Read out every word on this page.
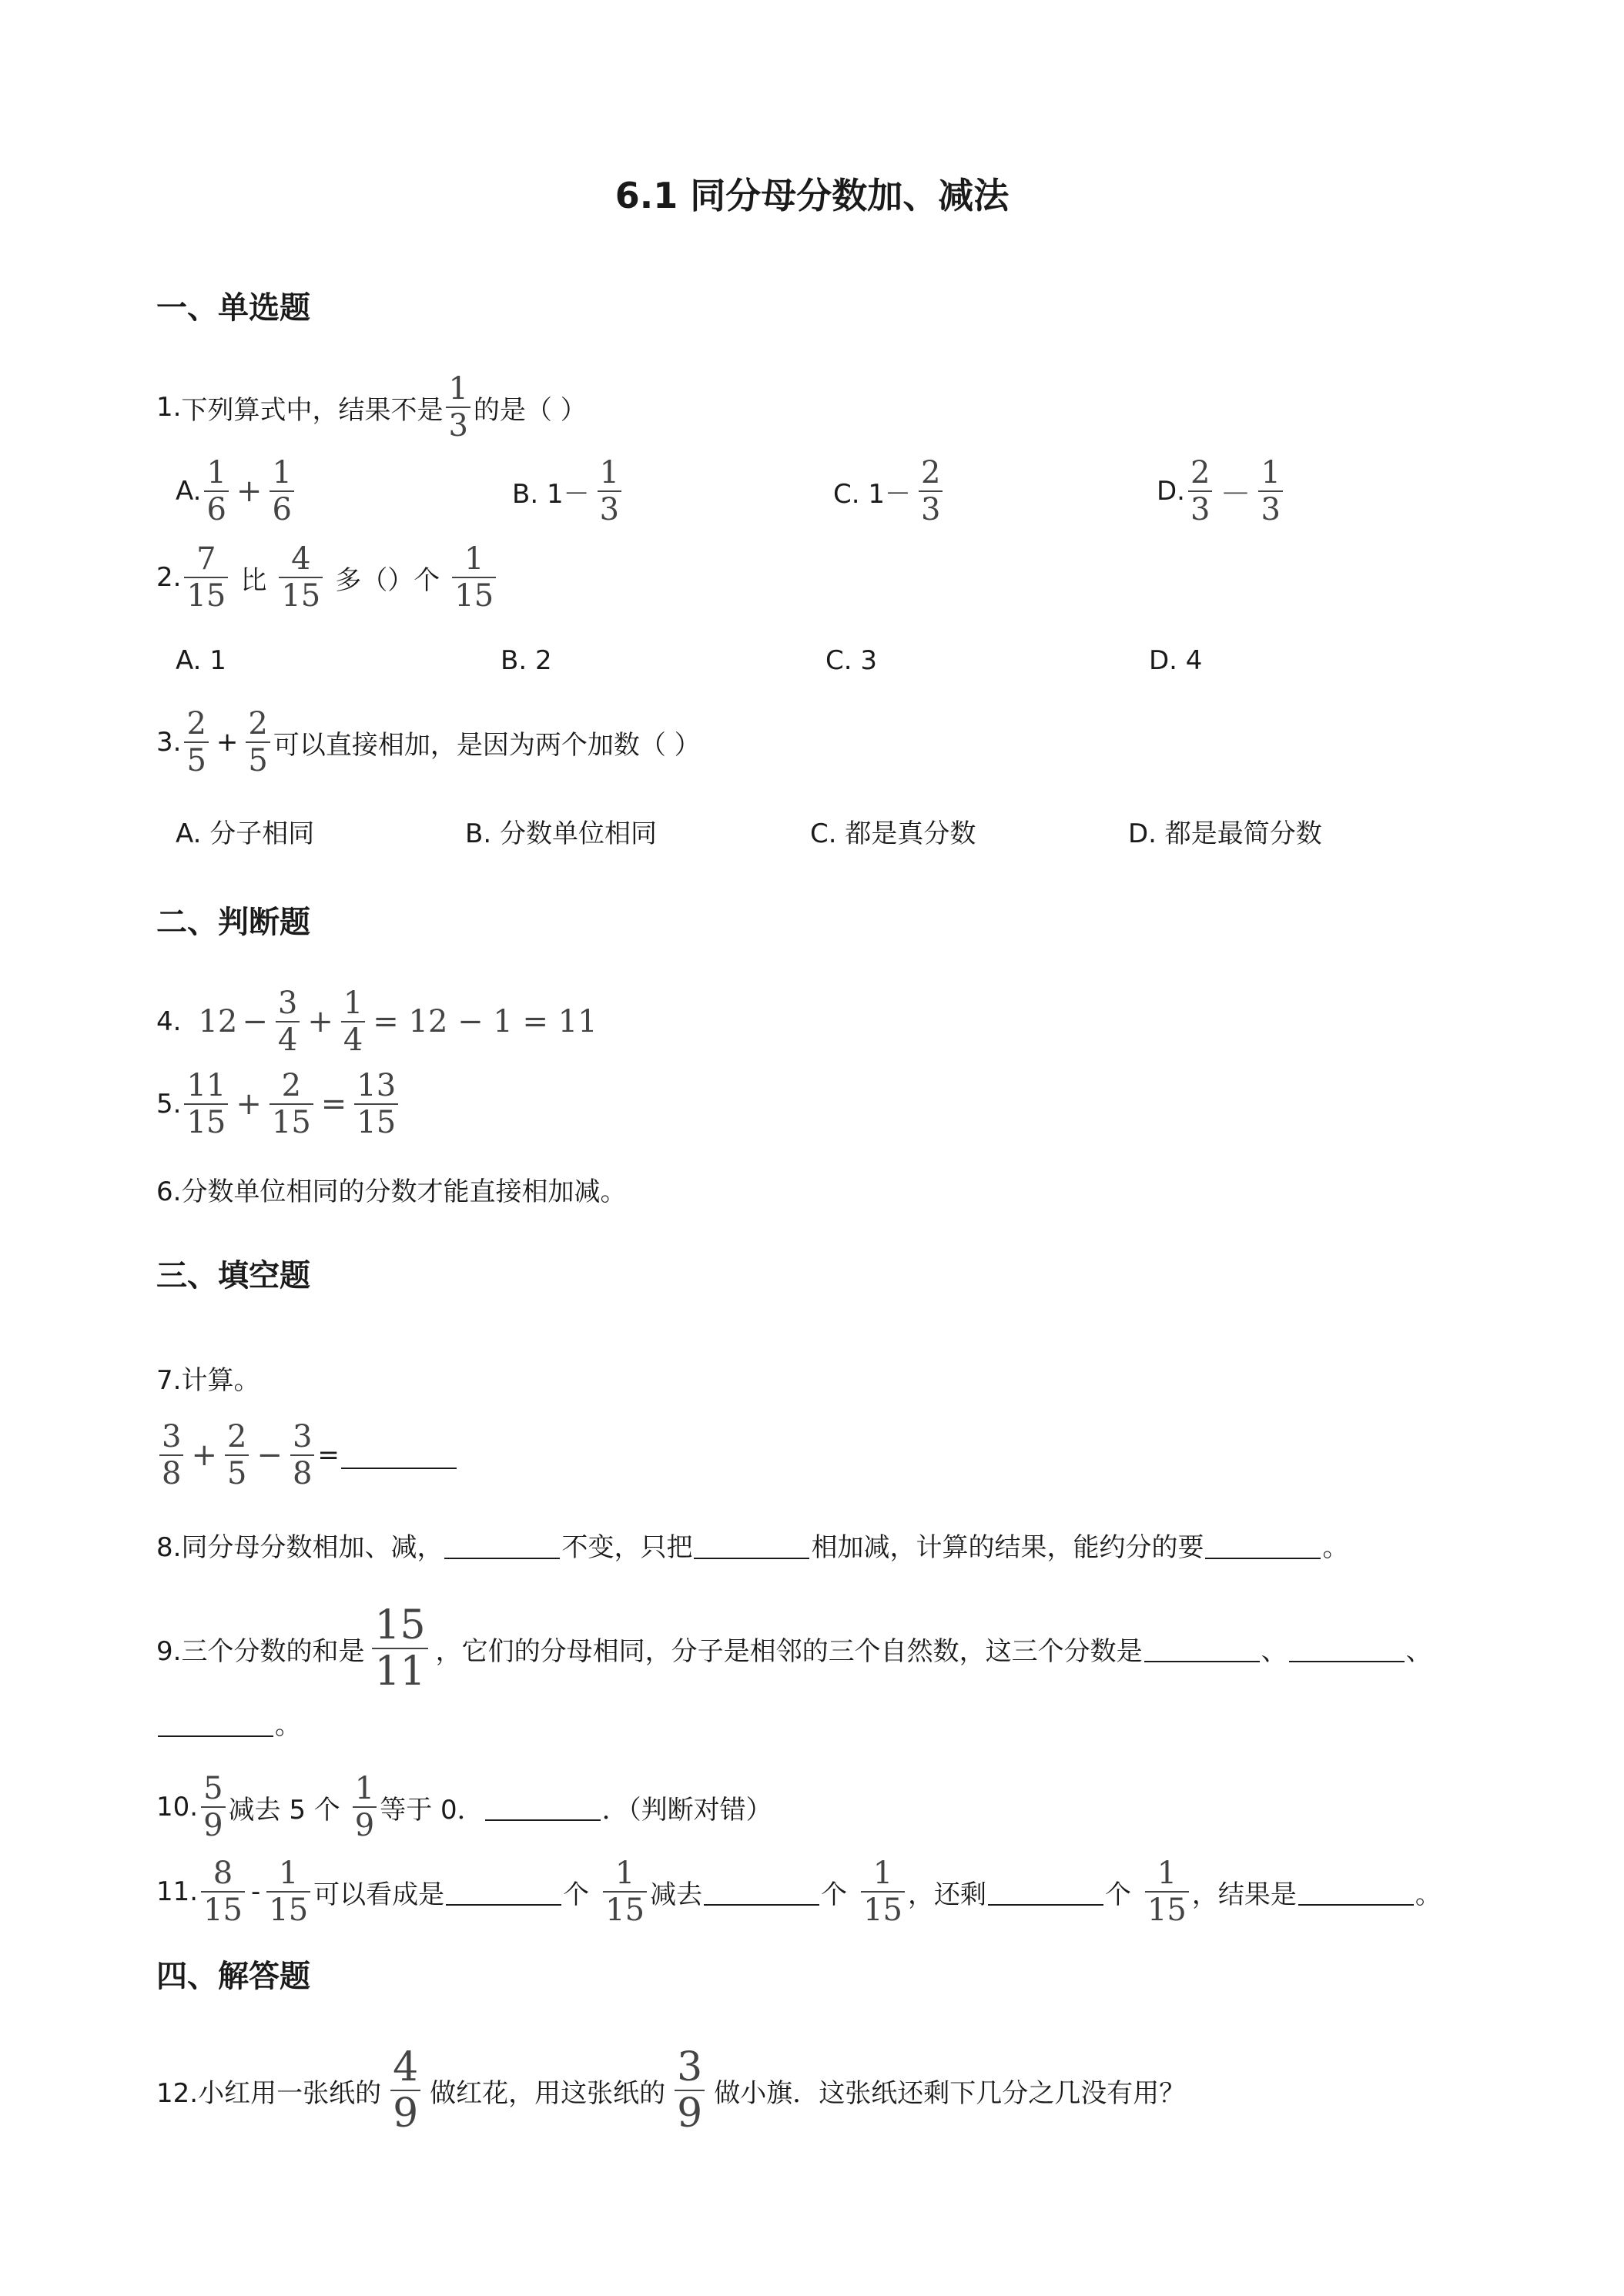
6.1 同分母分数加、减法
一、单选题
1. 下列算式中，结果不是
1
3 的是（ ）
A.
1
6
+
1
6	B. 1－
1
3	C. 1－
2
3
D.
2
3 －
1
3
2.
7
15 比
4
15 多（）个
1
15
A. 1	B. 2	C. 3	D. 4
3.
2
5
+
2
5 可以直接相加，是因为两个加数（ ）
A. 分子相同	B. 分数单位相同	C. 都是真分数	D. 都是最简分数
二、判断题
4. 12 −
3
4
+
1
4
= 12 − 1 = 11
5.
11
15
+
2
15
=
13
15
6.分数单位相同的分数才能直接相加减。
三、填空题
7.计算。
3
8
+
2
5
−
3
8
=
8.同分母分数相加、减，	不变，只把	相加减，计算的结果，能约分的要	。
9.三个分数的和是
15
11 ，它们的分母相同，分子是相邻的三个自然数，这三个分数是	、	、
。
10.
5
9 减去 5 个
1
9 等于 0．	．（判断对错）
11.
8
15
-
1
15 可以看成是	个
1
15 减去	个
1
15 ，还剩	个
1
15 ，结果是	。
四、解答题
12.小红用一张纸的
4
9 做红花，用这张纸的
3
9 做小旗．这张纸还剩下几分之几没有用？
